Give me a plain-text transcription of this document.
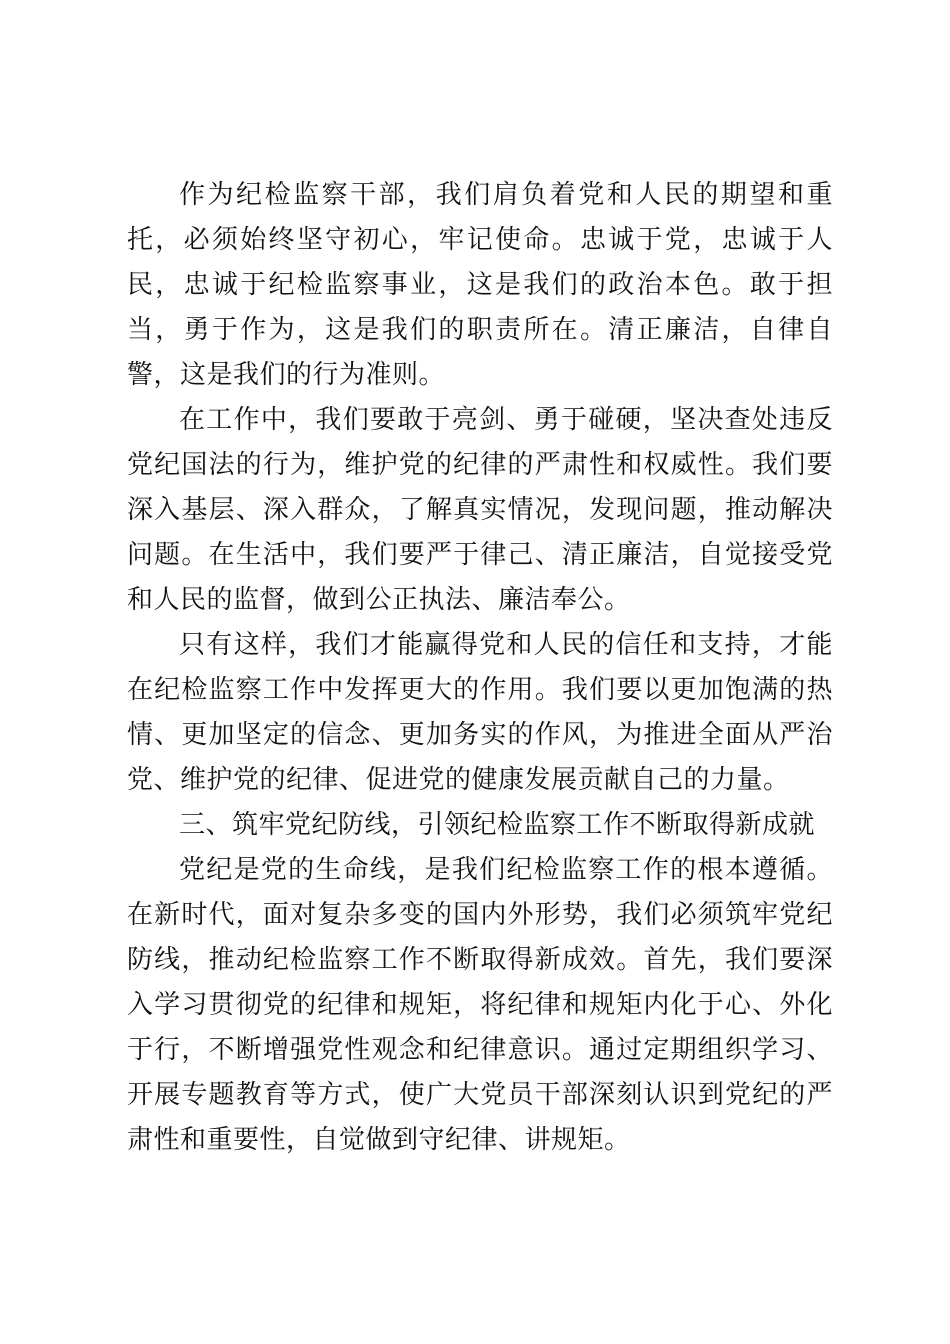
作为纪检监察干部，我们肩负着党和人民的期望和重托，必须始终坚守初心，牢记使命。忠诚于党，忠诚于人民，忠诚于纪检监察事业，这是我们的政治本色。敢于担当，勇于作为，这是我们的职责所在。清正廉洁，自律自警，这是我们的行为准则。

在工作中，我们要敢于亮剑、勇于碰硬，坚决查处违反党纪国法的行为，维护党的纪律的严肃性和权威性。我们要深入基层、深入群众，了解真实情况，发现问题，推动解决问题。在生活中，我们要严于律己、清正廉洁，自觉接受党和人民的监督，做到公正执法、廉洁奉公。

只有这样，我们才能赢得党和人民的信任和支持，才能在纪检监察工作中发挥更大的作用。我们要以更加饱满的热情、更加坚定的信念、更加务实的作风，为推进全面从严治党、维护党的纪律、促进党的健康发展贡献自己的力量。

三、筑牢党纪防线，引领纪检监察工作不断取得新成就

党纪是党的生命线，是我们纪检监察工作的根本遵循。在新时代，面对复杂多变的国内外形势，我们必须筑牢党纪防线，推动纪检监察工作不断取得新成效。首先，我们要深入学习贯彻党的纪律和规矩，将纪律和规矩内化于心、外化于行，不断增强党性观念和纪律意识。通过定期组织学习、开展专题教育等方式，使广大党员干部深刻认识到党纪的严肃性和重要性，自觉做到守纪律、讲规矩。
